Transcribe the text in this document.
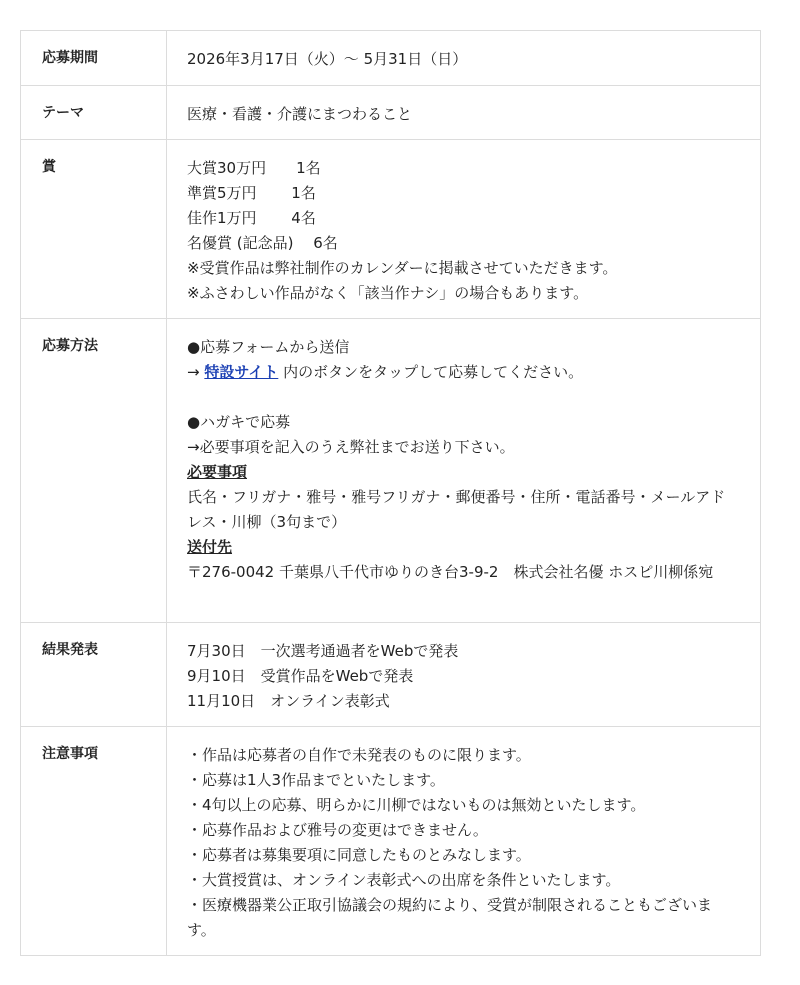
応募期間	2026年3月17日（火）〜 5月31日（日）
テーマ	医療・看護・介護にまつわること
賞	大賞30万円　　1名
準賞5万円　　 1名
佳作1万円　　 4名
名優賞 (記念品)　 6名
※受賞作品は弊社制作のカレンダーに掲載させていただきます。
※ふさわしい作品がなく「該当作ナシ」の場合もあります。
応募方法	●応募フォームから送信
→ 特設サイト 内のボタンをタップして応募してください。
●ハガキで応募
→必要事項を記入のうえ弊社までお送り下さい。
必要事項
氏名・フリガナ・雅号・雅号フリガナ・郵便番号・住所・電話番号・メールアドレス・川柳（3句まで）
送付先
〒276-0042 千葉県八千代市ゆりのき台3-9-2　株式会社名優 ホスピ川柳係宛
結果発表	7月30日　一次選考通過者をWebで発表
9月10日　受賞作品をWebで発表
11月10日　オンライン表彰式
注意事項	・作品は応募者の自作で未発表のものに限ります。
・応募は1人3作品までといたします。
・4句以上の応募、明らかに川柳ではないものは無効といたします。
・応募作品および雅号の変更はできません。
・応募者は募集要項に同意したものとみなします。
・大賞授賞は、オンライン表彰式への出席を条件といたします。
・医療機器業公正取引協議会の規約により、受賞が制限されることもございます。
